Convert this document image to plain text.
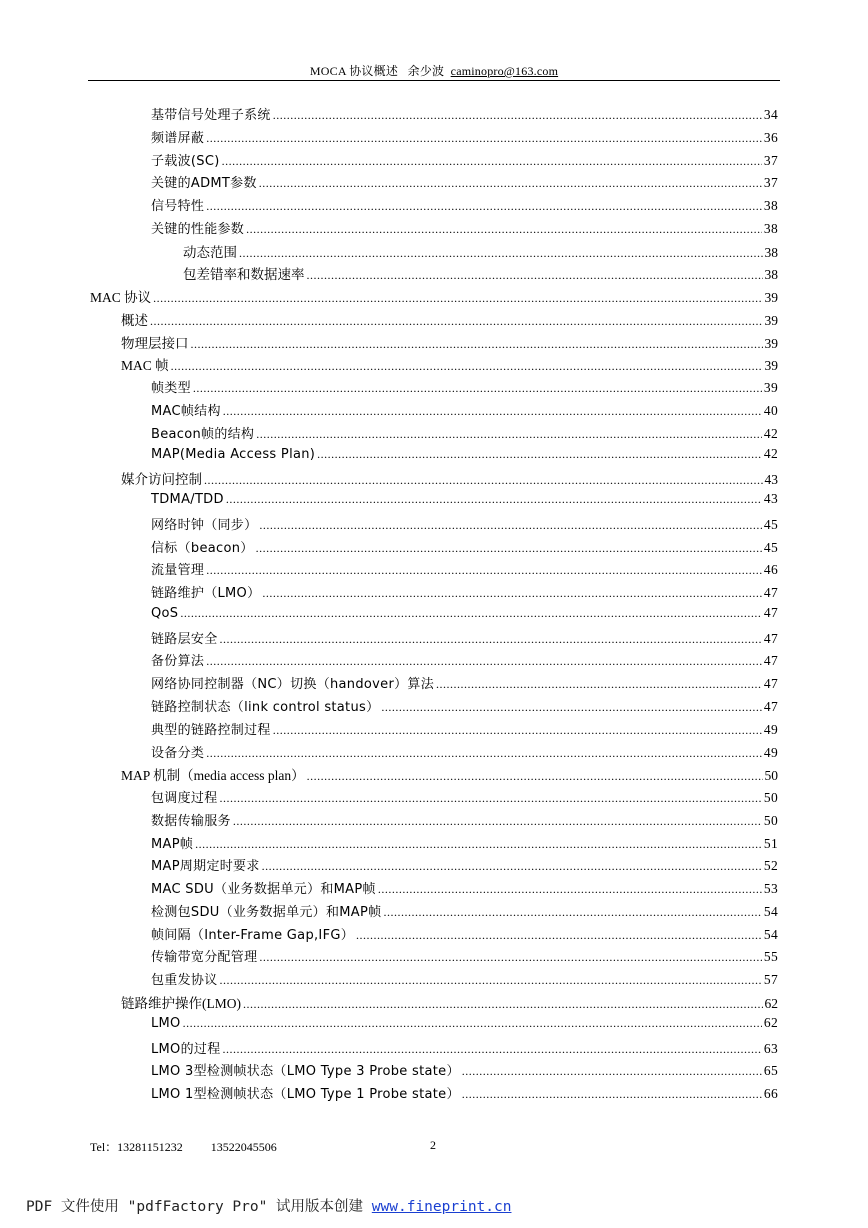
MOCA 协议概述 余少波 caminopro@163.com
基带信号处理子系统 .....	34
频谱屏蔽 .....	36
子载波(SC) .....	37
关键的ADMT参数 .....	37
信号特性 .....	38
关键的性能参数 .....	38
动态范围 .....	38
包差错率和数据速率 .....	38
MAC 协议 .....	39
概述 .....	39
物理层接口 .....	39
MAC 帧 .....	39
帧类型 .....	39
MAC帧结构 .....	40
Beacon帧的结构 .....	42
MAP(Media Access Plan) .....	42
媒介访问控制 .....	43
TDMA/TDD .....	43
网络时钟（同步） .....	45
信标（beacon） .....	45
流量管理 .....	46
链路维护（LMO） .....	47
QoS .....	47
链路层安全 .....	47
备份算法 .....	47
网络协同控制器（NC）切换（handover）算法 .....	47
链路控制状态（link control status） .....	47
典型的链路控制过程 .....	49
设备分类 .....	49
MAP 机制（media access plan） .....	50
包调度过程 .....	50
数据传输服务 .....	50
MAP帧 .....	51
MAP周期定时要求 .....	52
MAC SDU（业务数据单元）和MAP帧 .....	53
检测包SDU（业务数据单元）和MAP帧 .....	54
帧间隔（Inter-Frame Gap,IFG） .....	54
传输带宽分配管理 .....	55
包重发协议 .....	57
链路维护操作(LMO) .....	62
LMO .....	62
LMO的过程 .....	63
LMO 3型检测帧状态（LMO Type 3 Probe state） .....	65
LMO 1型检测帧状态（LMO Type 1 Probe state） .....	66
Tel：13281151232 13522045506	2
PDF 文件使用 "pdfFactory Pro" 试用版本创建 www.fineprint.cn
